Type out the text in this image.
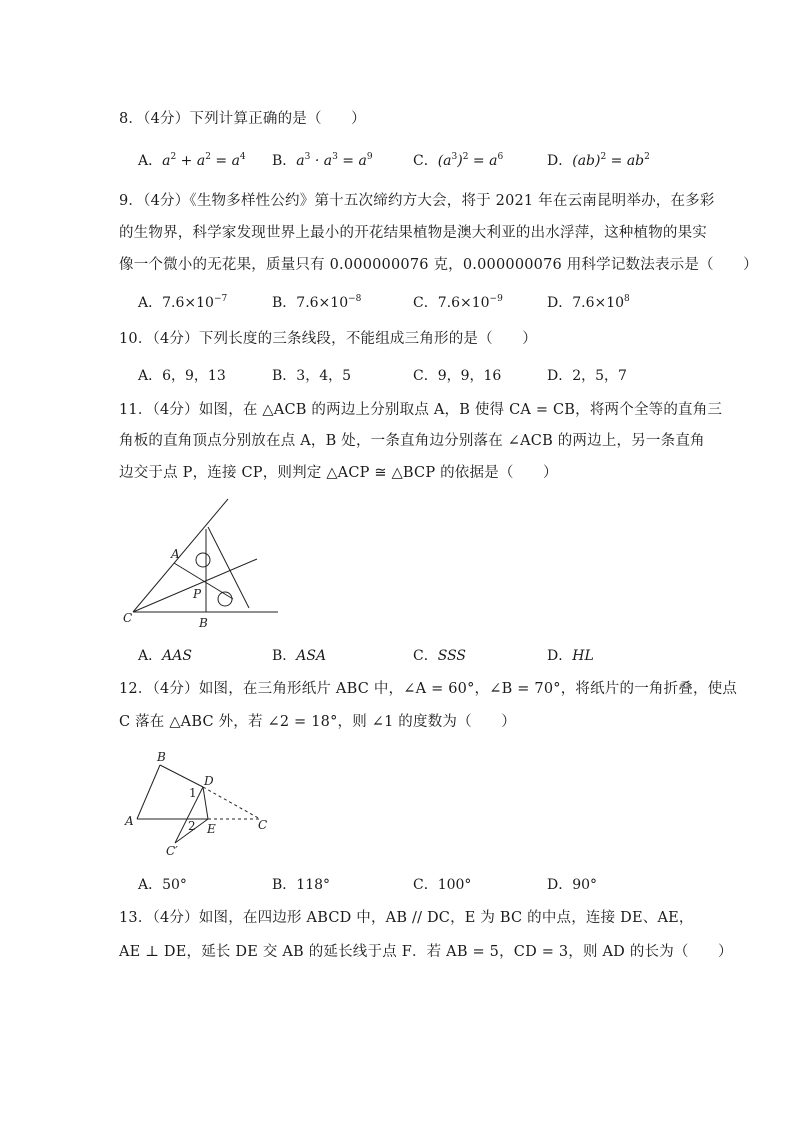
8．（4分）下列计算正确的是（　　）
A．$a^2 + a^2 = a^4$ B．$a^3 \cdot a^3 = a^9$	C．$(a^3)^2 = a^6$	D．$(ab)^2 = ab^2$
9．（4分）《生物多样性公约》第十五次缔约方大会，将于 2021 年在云南昆明举办，在多彩
的生物界，科学家发现世界上最小的开花结果植物是澳大利亚的出水浮萍，这种植物的果实
像一个微小的无花果，质量只有 0.000000076 克，0.000000076 用科学记数法表示是（　　）
A．$7.6\times 10^{-7}$	B．$7.6\times 10^{-8}$	C．$7.6\times 10^{-9}$	D．$7.6\times 10^8$
10．（4分）下列长度的三条线段，不能组成三角形的是（　　）
A．6，9，13	B．3，4，5	C．9，9，16	D．2，5，7
11．（4分）如图，在 △ACB 的两边上分别取点 A，B 使得 CA = CB，将两个全等的直角三
角板的直角顶点分别放在点 A，B 处，一条直角边分别落在 ∠ACB 的两边上，另一条直角
边交于点 P，连接 CP，则判定 △ACP ≅ △BCP 的依据是（　　）
A
B
C
P
A．AAS	B．ASA	C．SSS	D．HL
12．（4分）如图，在三角形纸片 ABC 中，∠A = 60°，∠B = 70°，将纸片的一角折叠，使点
C 落在 △ABC 外，若 ∠2 = 18°，则 ∠1 的度数为（　　）
B
A
D
E	C
C′
1
2
A．50°	B．118°	C．100°	D．90°
13．（4分）如图，在四边形 ABCD 中，AB // DC，E 为 BC 的中点，连接 DE、AE，
AE ⊥ DE，延长 DE 交 AB 的延长线于点 F．若 AB = 5，CD = 3，则 AD 的长为（　　）
